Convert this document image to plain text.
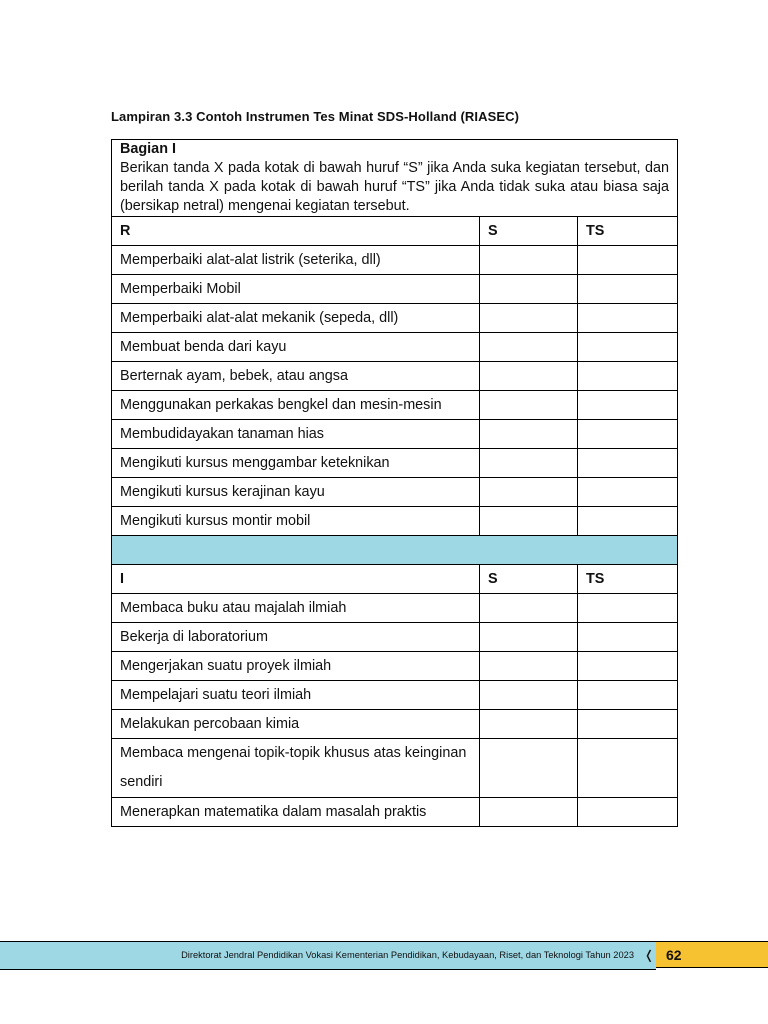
Lampiran 3.3 Contoh Instrumen Tes Minat SDS-Holland (RIASEC)
Bagian I
Berikan tanda X pada kotak di bawah huruf “S” jika Anda suka kegiatan tersebut, dan berilah tanda X pada kotak di bawah huruf “TS” jika Anda tidak suka atau biasa saja (bersikap netral) mengenai kegiatan tersebut.		

R	S	TS
Memperbaiki alat-alat listrik (seterika, dll)		
Memperbaiki Mobil		
Memperbaiki alat-alat mekanik (sepeda, dll)		
Membuat benda dari kayu		
Berternak ayam, bebek, atau angsa		
Menggunakan perkakas bengkel dan mesin-mesin		
Membudidayakan tanaman hias		
Mengikuti kursus menggambar keteknikan		
Mengikuti kursus kerajinan kayu		
Mengikuti kursus montir mobil		

I	S	TS
Membaca buku atau majalah ilmiah		
Bekerja di laboratorium		
Mengerjakan suatu proyek ilmiah		
Mempelajari suatu teori ilmiah		
Melakukan percobaan kimia		
Membaca mengenai topik-topik khusus atas keinginan sendiri		
Menerapkan matematika dalam masalah praktis		
Direktorat Jendral Pendidikan Vokasi Kementerian Pendidikan, Kebudayaan, Riset, dan Teknologi Tahun 2023 ❬ 62
